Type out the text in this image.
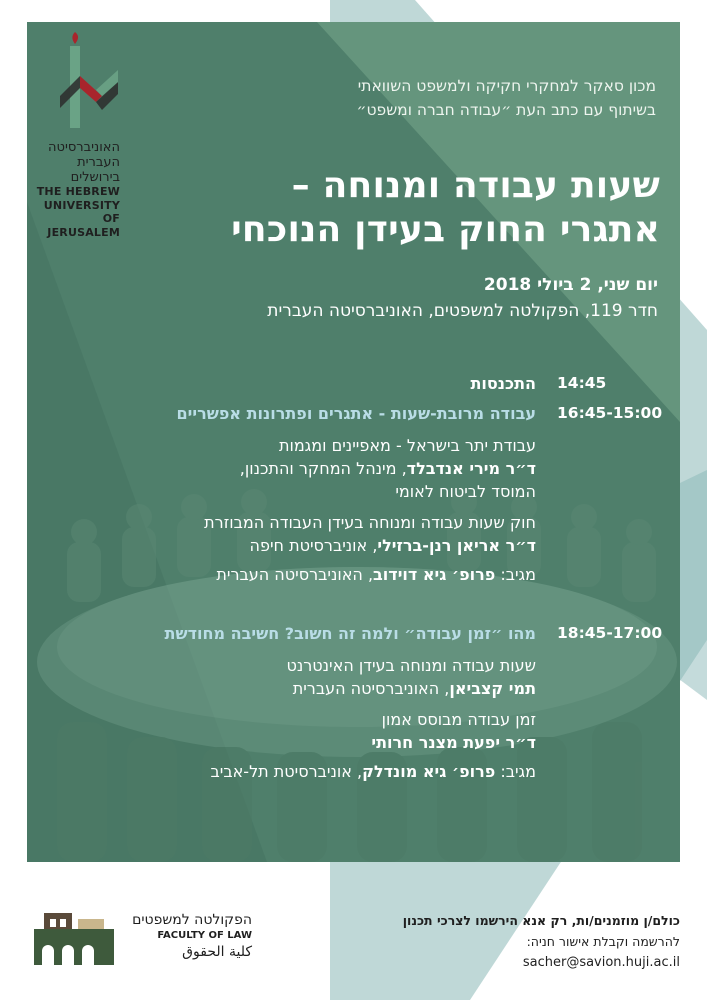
מכון סאקר למחקרי חקיקה ולמשפט השוואתי
בשיתוף עם כתב העת ״עבודה חברה ומשפט״
שעות עבודה ומנוחה –
אתגרי החוק בעידן הנוכחי
יום שני, 2 ביולי 2018
חדר 119, הפקולטה למשפטים, האוניברסיטה העברית
14:45
התכנסות
16:45-15:00
עבודה מרובת-שעות - אתגרים ופתרונות אפשריים
עבודת יתר בישראל - מאפיינים ומגמות
ד״ר מירי אנדבלד, מינהל המחקר והתכנון,
המוסד לביטוח לאומי
חוק שעות עבודה ומנוחה בעידן העבודה המבוזרת
ד״ר אריאן רנן-ברזילי, אוניברסיטת חיפה
מגיב: פרופ׳ גיא דוידוב, האוניברסיטה העברית
18:45-17:00
מהו ״זמן עבודה״ ולמה זה חשוב? חשיבה מחודשת
שעות עבודה ומנוחה בעידן האינטרנט
תמי קצביאן, האוניברסיטה העברית
זמן עבודה מבוסס אמון
ד״ר יפעת מצנר חרותי
מגיב: פרופ׳ גיא מונדלק, אוניברסיטת תל-אביב
האוניברסיטה
העברית
בירושלים
THE HEBREW
UNIVERSITY
OF JERUSALEM
הפקולטה למשפטים
FACULTY OF LAW
كلية الحقوق
כולם/ן מוזמנים/ות, רק אנא הירשמו לצרכי תכנון
להרשמה וקבלת אישור חניה:
sacher@savion.huji.ac.il
